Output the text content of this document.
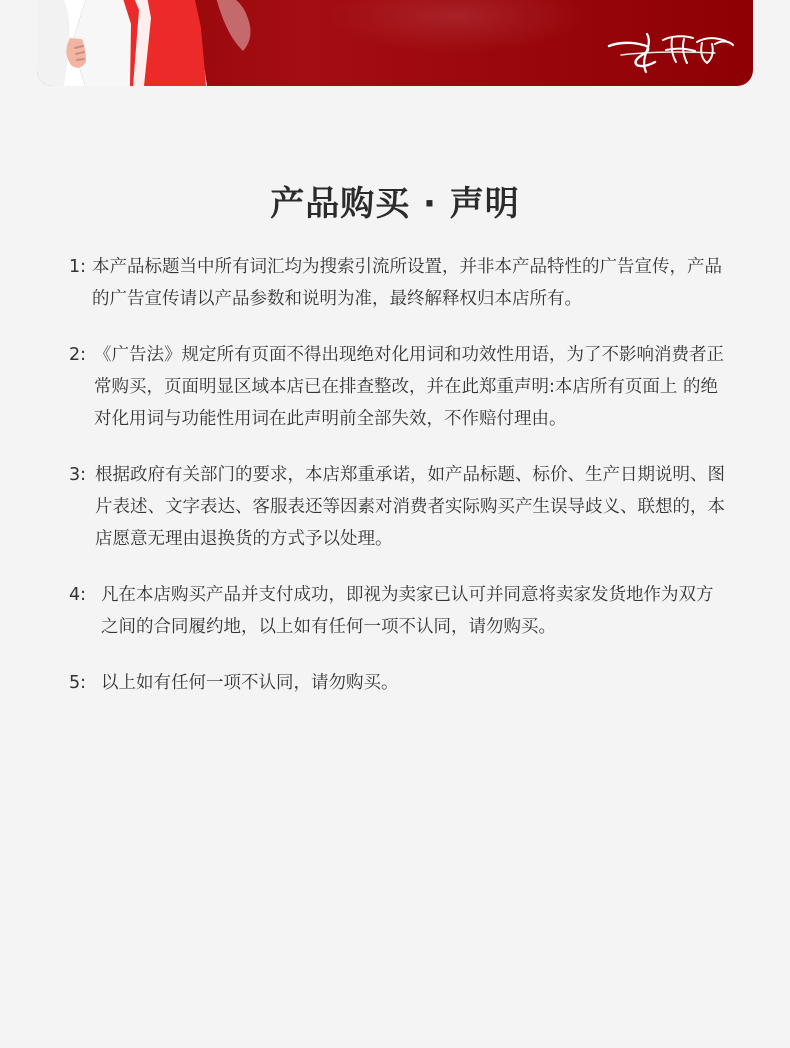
产品购买 · 声明
1: 本产品标题当中所有词汇均为搜索引流所设置，并非本产品特性的广告宣传，产品的广告宣传请以产品参数和说明为准，最终解释权归本店所有。
2: 《广告法》规定所有页面不得出现绝对化用词和功效性用语，为了不影响消费者正常购买，页面明显区域本店已在排查整改，并在此郑重声明:本店所有页面上 的绝对化用词与功能性用词在此声明前全部失效，不作赔付理由。
3: 根据政府有关部门的要求，本店郑重承诺，如产品标题、标价、生产日期说明、图片表述、文字表达、客服表还等因素对消费者实际购买产生误导歧义、联想的，本店愿意无理由退换货的方式予以处理。
4: 凡在本店购买产品并支付成功，即视为卖家已认可并同意将卖家发货地作为双方之间的合同履约地，以上如有任何一项不认同，请勿购买。
5: 以上如有任何一项不认同，请勿购买。
